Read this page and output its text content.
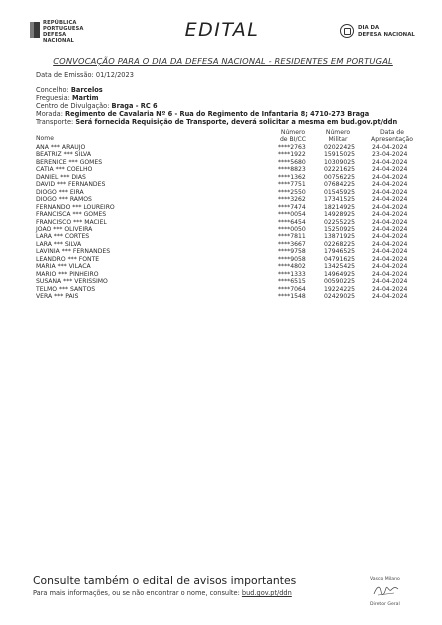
REPÚBLICA
PORTUGUESA
DEFESA
NACIONAL	EDITAL	DIA DA
DEFESA NACIONAL
CONVOCAÇÃO PARA O DIA DA DEFESA NACIONAL - RESIDENTES EM PORTUGAL
Data de Emissão: 01/12/2023
Concelho: Barcelos
Freguesia: Martim
Centro de Divulgação: Braga - RC 6
Morada: Regimento de Cavalaria Nº 6 - Rua do Regimento de Infantaria 8; 4710-273 Braga
Transporte: Será fornecida Requisição de Transporte, deverá solicitar a mesma em bud.gov.pt/ddn
Nome
Número
de BI/CC
Número
Militar
Data de
Apresentação
ANA *** ARAUJO	****2763	02022425	24-04-2024
BEATRIZ *** SILVA	****1922	15915025	23-04-2024
BERENICE *** GOMES	****5680	10309025	24-04-2024
CATIA *** COELHO	****8823	02221625	24-04-2024
DANIEL *** DIAS	****1362	00756225	24-04-2024
DAVID *** FERNANDES	****7751	07684225	24-04-2024
DIOGO *** EIRA	****2550	01545925	24-04-2024
DIOGO *** RAMOS	****3262	17341525	24-04-2024
FERNANDO *** LOUREIRO	****7474	18214925	24-04-2024
FRANCISCA *** GOMES	****0054	14928925	24-04-2024
FRANCISCO *** MACIEL	****6454	02255225	24-04-2024
JOAO *** OLIVEIRA	****0050	15250925	24-04-2024
LARA *** CORTES	****7811	13871925	24-04-2024
LARA *** SILVA	****3667	02268225	24-04-2024
LAVINIA *** FERNANDES	****9758	17946525	24-04-2024
LEANDRO *** FONTE	****9058	04791625	24-04-2024
MARIA *** VILACA	****4802	13425425	24-04-2024
MARIO *** PINHEIRO	****1333	14964925	24-04-2024
SUSANA *** VERISSIMO	****6515	00590225	24-04-2024
TELMO *** SANTOS	****7064	19224225	24-04-2024
VERA *** PAIS	****1548	02429025	24-04-2024
Consulte também o edital de avisos importantes
Para mais informações, ou se não encontrar o nome, consulte: bud.gov.pt/ddn
Vasco Milano
Diretor Geral
